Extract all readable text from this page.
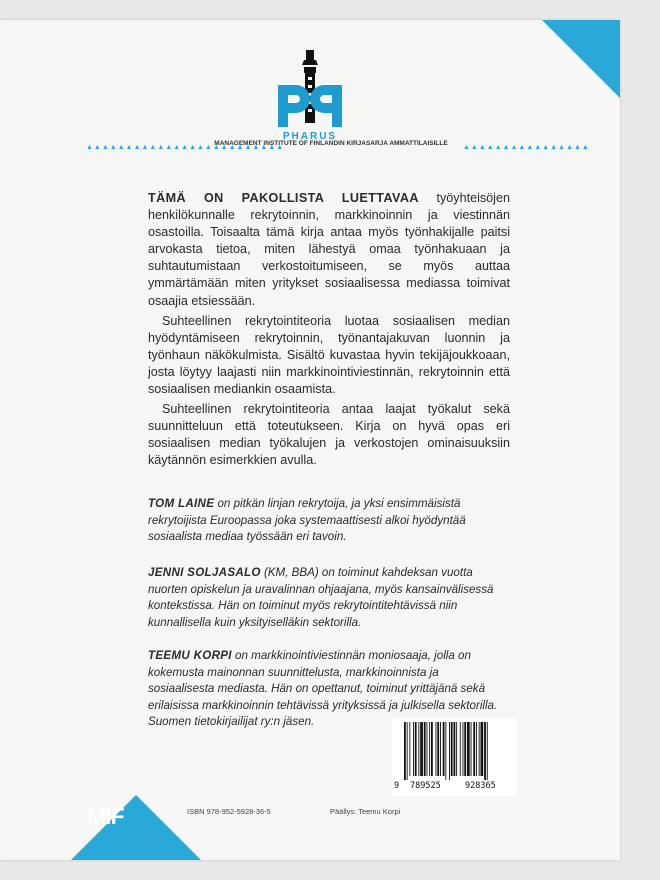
PHARUS
▲▲▲▲▲▲▲▲▲▲▲▲▲▲▲▲▲▲▲▲▲▲▲▲▲
MANAGEMENT INSTITUTE OF FINLANDIN KIRJASARJA AMMATTILAISILLE
▲▲▲▲▲▲▲▲▲▲▲▲▲▲▲▲

TÄMÄ ON PAKOLLISTA LUETTAVAA työyhteisöjen henkilökunnalle rekrytoinnin, markkinoinnin ja viestinnän osastoilla. Toisaalta tämä kirja antaa myös työnhakijalle paitsi arvokasta tietoa, miten lähestyä omaa työnhakuaan ja suhtautumistaan verkostoitumiseen, se myös auttaa ymmärtämään miten yritykset sosiaalisessa mediassa toimivat osaajia etsiessään.

Suhteellinen rekrytointiteoria luotaa sosiaalisen median hyödyntämiseen rekrytoinnin, työnantajakuvan luonnin ja työnhaun näkökulmista. Sisältö kuvastaa hyvin tekijäjoukkoaan, josta löytyy laajasti niin markkinointiviestinnän, rekrytoinnin että sosiaalisen mediankin osaamista.

Suhteellinen rekrytointiteoria antaa laajat työkalut sekä suunnitteluun että toteutukseen. Kirja on hyvä opas eri sosiaalisen median työkalujen ja verkostojen ominaisuuksiin käytännön esimerkkien avulla.

TOM LAINE on pitkän linjan rekrytoija, ja yksi ensimmäisistä rekrytoijista Euroopassa joka systemaattisesti alkoi hyödyntää sosiaalista mediaa työssään eri tavoin.
JENNI SOLJASALO (KM, BBA) on toiminut kahdeksan vuotta nuorten opiskelun ja uravalinnan ohjaajana, myös kansainvälisessä kontekstissa. Hän on toiminut myös rekrytointitehtävissä niin kunnallisella kuin yksityiselläkin sektorilla.
TEEMU KORPI on markkinointiviestinnän moniosaaja, jolla on kokemusta mainonnan suunnittelusta, markkinoinnista ja sosiaalisesta mediasta. Hän on opettanut, toiminut yrittäjänä sekä erilaisissa markkinoinnin tehtävissä yrityksissä ja julkisella sektorilla. Suomen tietokirjailijat ry:n jäsen.
9 789525	928365
MIF	ISBN 978-952-5928-36-5	Päällys: Teemu Korpi
